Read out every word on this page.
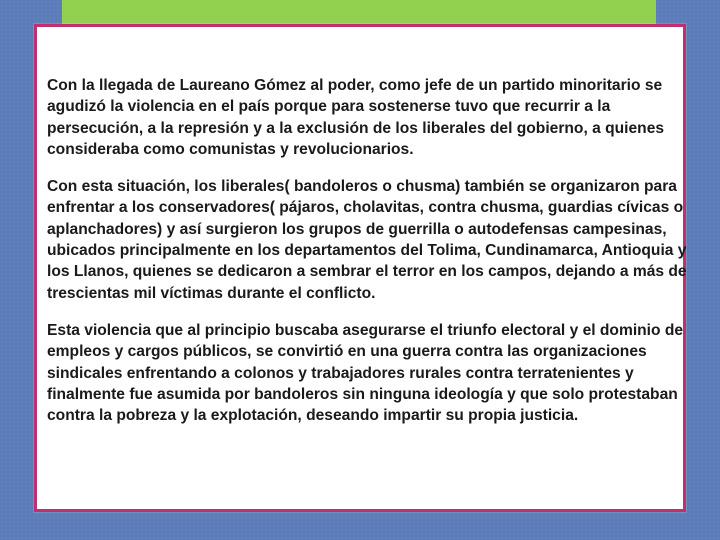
Con la llegada de Laureano Gómez al poder, como jefe de un partido minoritario se agudizó la violencia en el país porque para sostenerse tuvo que recurrir a la persecución, a la represión y a la exclusión de los liberales del gobierno, a quienes consideraba como comunistas y revolucionarios.

Con esta situación, los liberales( bandoleros o chusma) también se organizaron para enfrentar a los conservadores( pájaros, cholavitas, contra chusma, guardias cívicas o aplanchadores) y así surgieron los grupos de guerrilla o autodefensas campesinas, ubicados principalmente en los departamentos del Tolima, Cundinamarca, Antioquia y los Llanos, quienes se dedicaron a sembrar el terror en los campos, dejando a más de trescientas mil víctimas durante el conflicto.

Esta violencia que al principio buscaba asegurarse el triunfo electoral y el dominio de empleos y cargos públicos, se convirtió en una guerra contra las organizaciones sindicales enfrentando a colonos y trabajadores rurales contra terratenientes y finalmente fue asumida por bandoleros sin ninguna ideología y que solo protestaban contra la pobreza y la explotación, deseando impartir su propia justicia.
